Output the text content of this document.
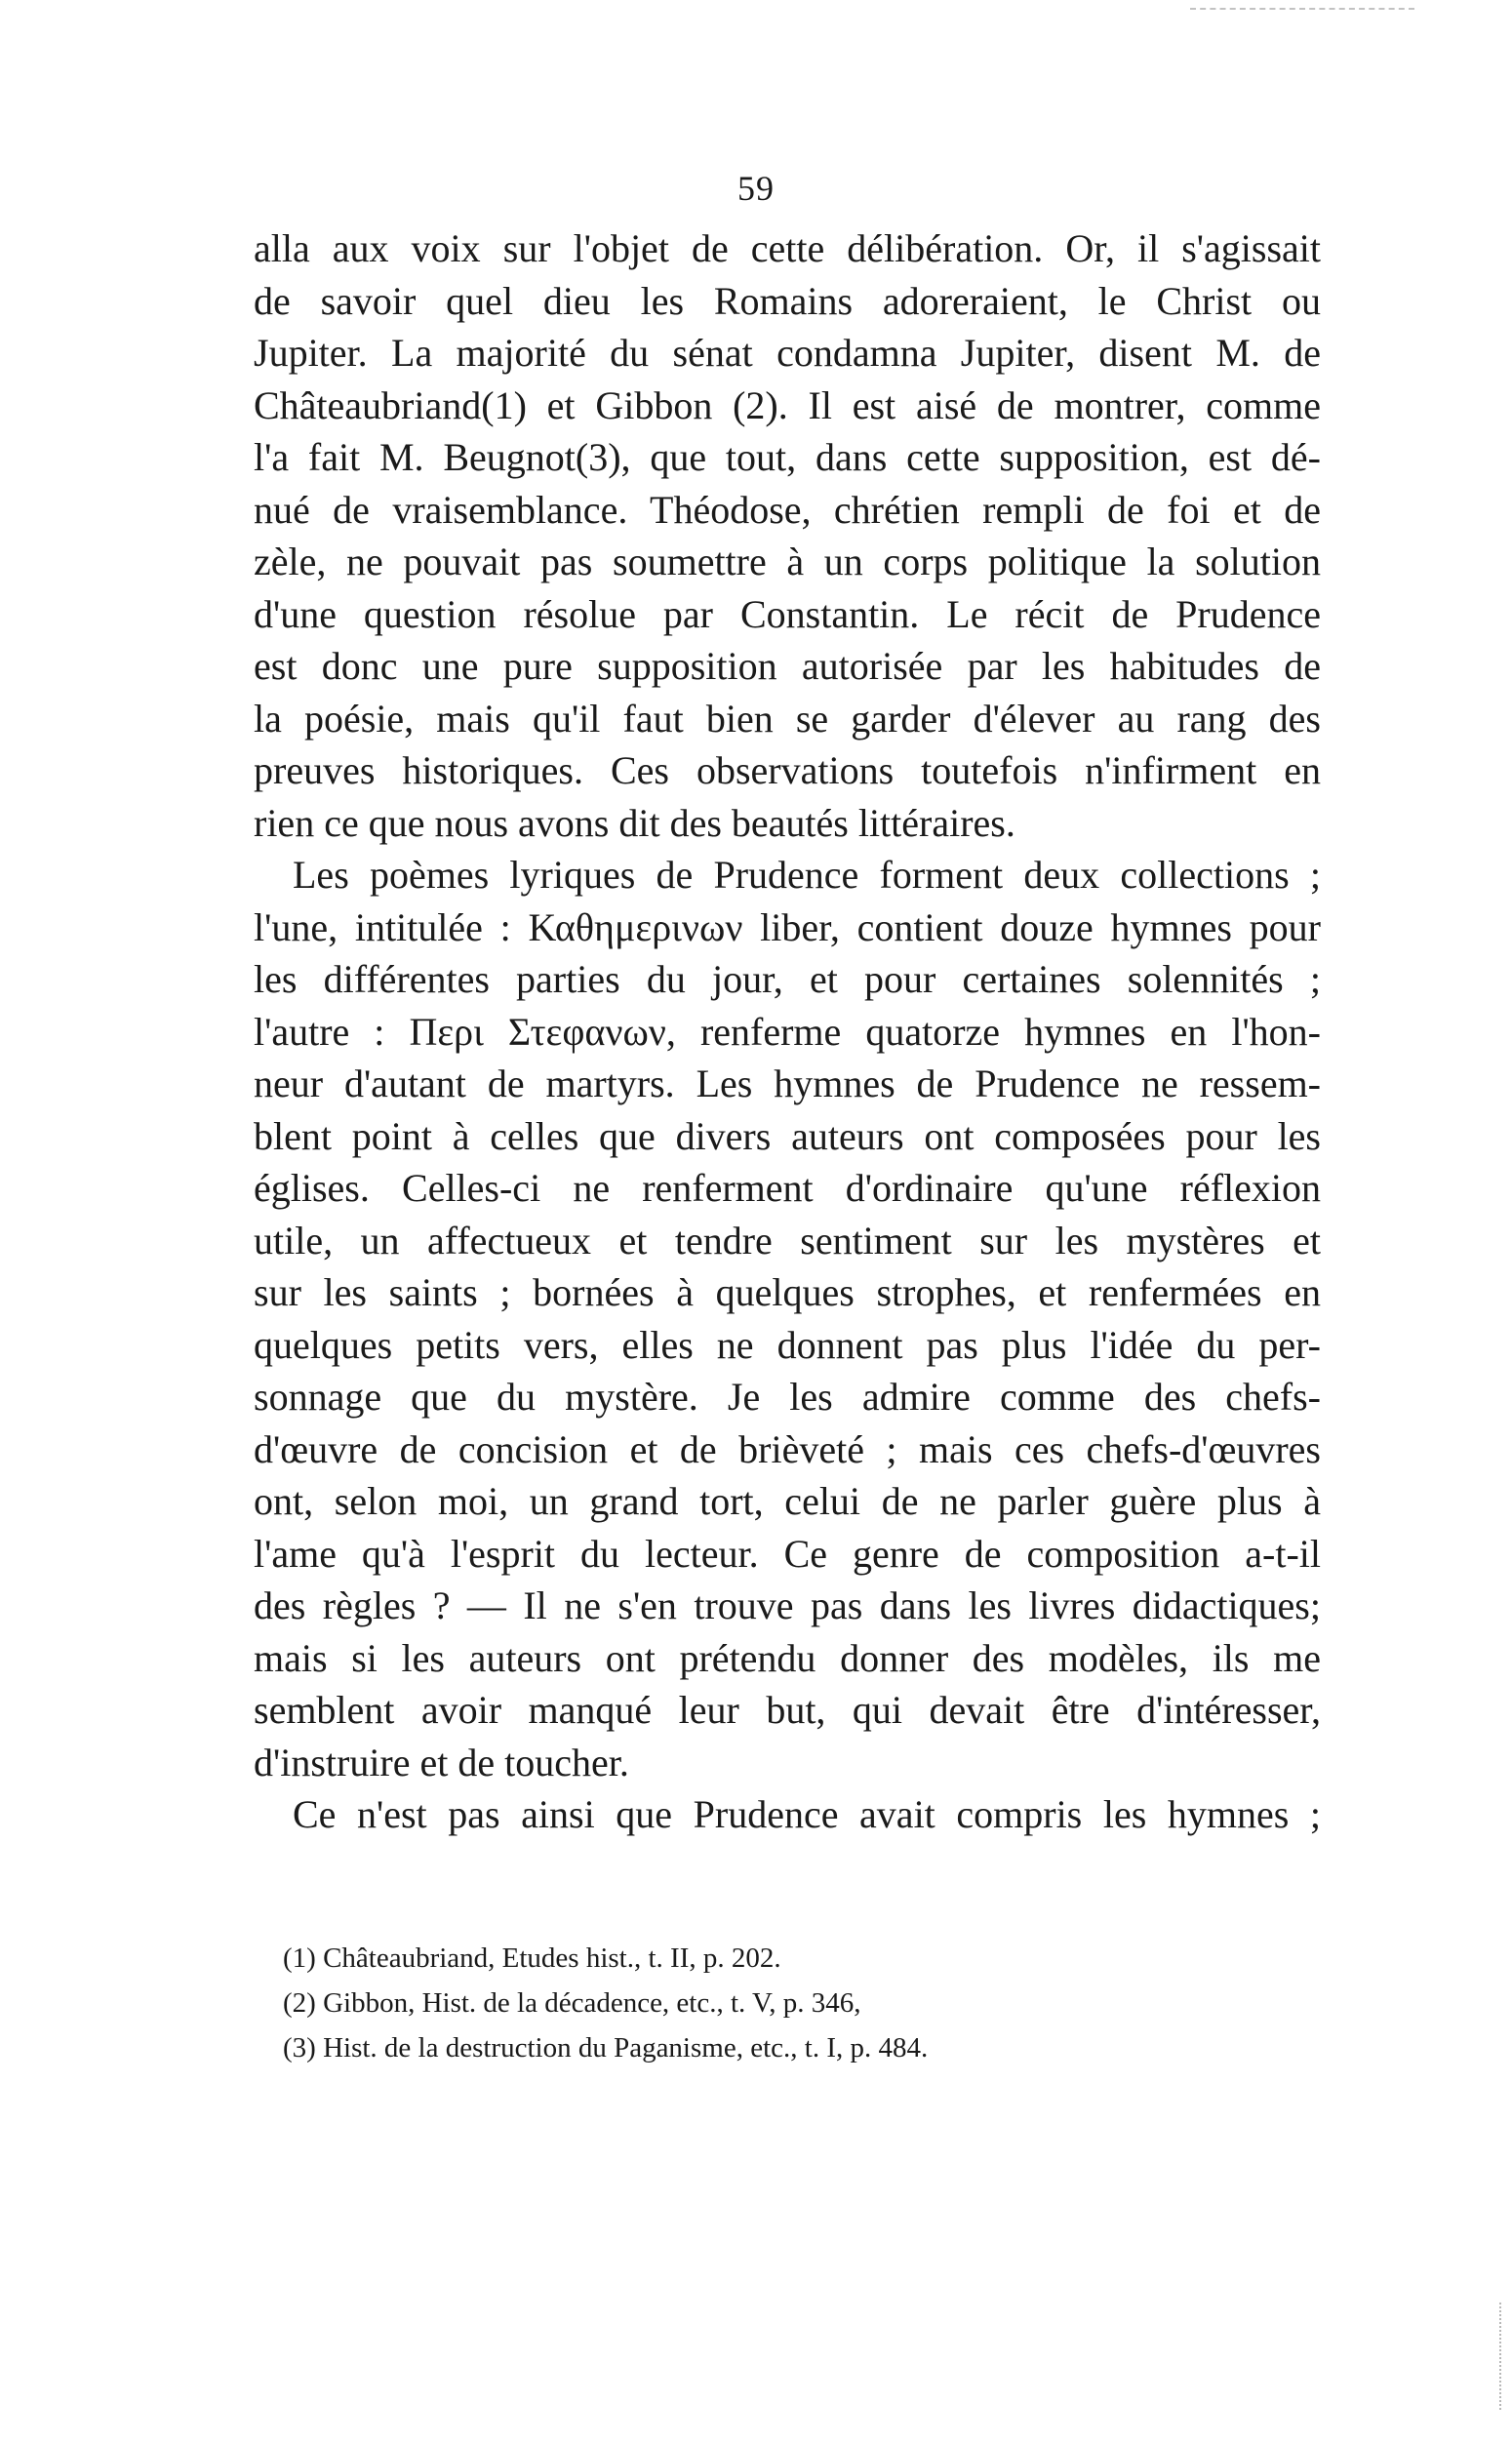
59
alla aux voix sur l'objet de cette délibération. Or, il s'agissait
de savoir quel dieu les Romains adoreraient, le Christ ou
Jupiter. La majorité du sénat condamna Jupiter, disent M. de
Châteaubriand(1) et Gibbon (2). Il est aisé de montrer, comme
l'a fait M. Beugnot(3), que tout, dans cette supposition, est dé-
nué de vraisemblance. Théodose, chrétien rempli de foi et de
zèle, ne pouvait pas soumettre à un corps politique la solution
d'une question résolue par Constantin. Le récit de Prudence
est donc une pure supposition autorisée par les habitudes de
la poésie, mais qu'il faut bien se garder d'élever au rang des
preuves historiques. Ces observations toutefois n'infirment en
rien ce que nous avons dit des beautés littéraires.
Les poèmes lyriques de Prudence forment deux collections ;
l'une, intitulée : Καθημερινων liber, contient douze hymnes pour
les différentes parties du jour, et pour certaines solennités ;
l'autre : Περι Στεφανων, renferme quatorze hymnes en l'hon-
neur d'autant de martyrs. Les hymnes de Prudence ne ressem-
blent point à celles que divers auteurs ont composées pour les
églises. Celles-ci ne renferment d'ordinaire qu'une réflexion
utile, un affectueux et tendre sentiment sur les mystères et
sur les saints ; bornées à quelques strophes, et renfermées en
quelques petits vers, elles ne donnent pas plus l'idée du per-
sonnage que du mystère. Je les admire comme des chefs-
d'œuvre de concision et de brièveté ; mais ces chefs-d'œuvres
ont, selon moi, un grand tort, celui de ne parler guère plus à
l'ame qu'à l'esprit du lecteur. Ce genre de composition a-t-il
des règles ? — Il ne s'en trouve pas dans les livres didactiques;
mais si les auteurs ont prétendu donner des modèles, ils me
semblent avoir manqué leur but, qui devait être d'intéresser,
d'instruire et de toucher.
Ce n'est pas ainsi que Prudence avait compris les hymnes ;
(1) Châteaubriand, Etudes hist., t. II, p. 202.
(2) Gibbon, Hist. de la décadence, etc., t. V, p. 346,
(3) Hist. de la destruction du Paganisme, etc., t. I, p. 484.
